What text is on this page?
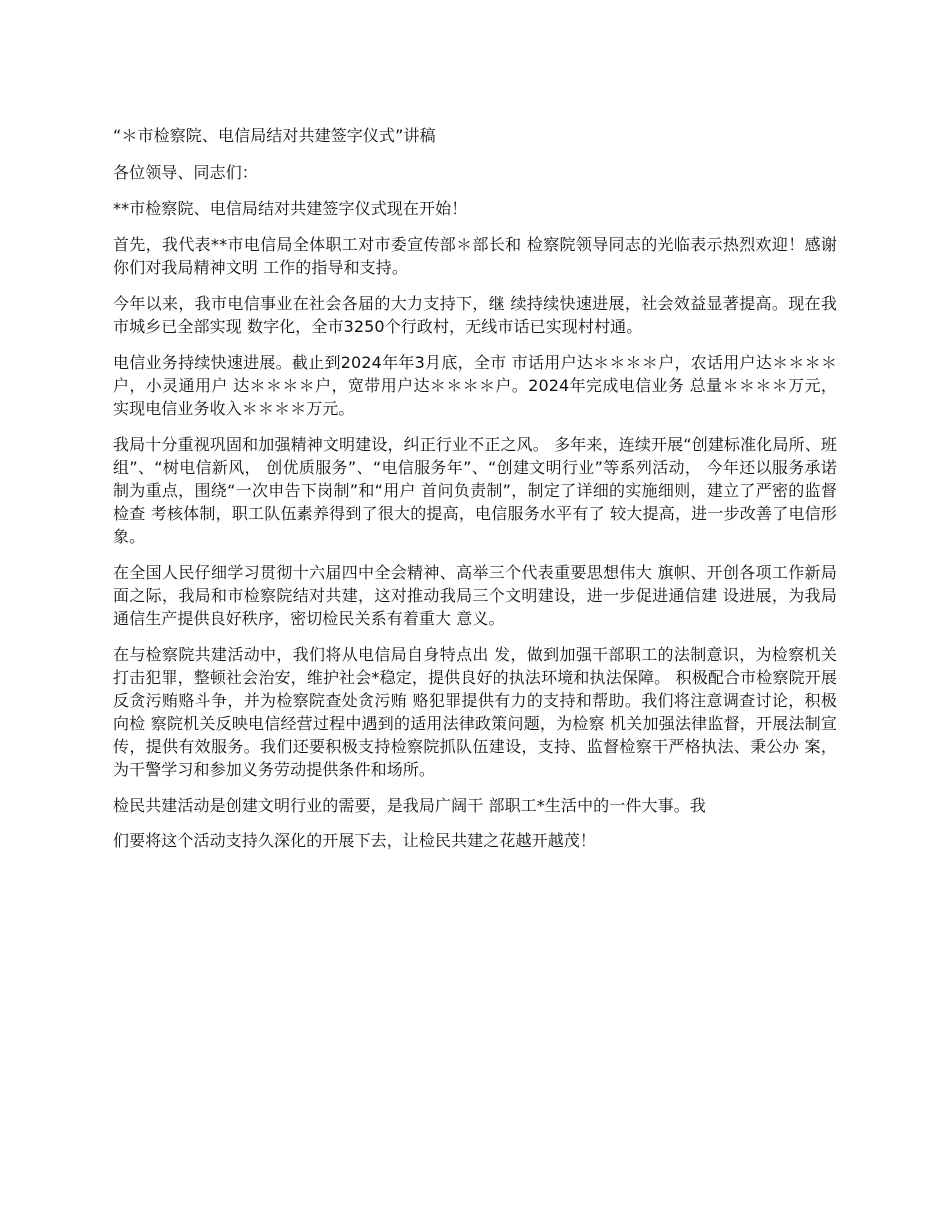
“＊市检察院、电信局结对共建签字仪式”讲稿

各位领导、同志们：

**市检察院、电信局结对共建签字仪式现在开始！

首先，我代表**市电信局全体职工对市委宣传部＊部长和 检察院领导同志的光临表示热烈欢迎！感谢你们对我局精神文明 工作的指导和支持。

今年以来，我市电信事业在社会各届的大力支持下，继 续持续快速进展，社会效益显著提高。现在我市城乡已全部实现 数字化，全市3250个行政村，无线市话已实现村村通。

电信业务持续快速进展。截止到2024年年3月底，全市 市话用户达＊＊＊＊户，农话用户达＊＊＊＊户，小灵通用户 达＊＊＊＊户，宽带用户达＊＊＊＊户。2024年完成电信业务 总量＊＊＊＊万元，实现电信业务收入＊＊＊＊万元。

我局十分重视巩固和加强精神文明建设，纠正行业不正之风。 多年来，连续开展“创建标准化局所、班组”、“树电信新风， 创优质服务”、“电信服务年”、“创建文明行业”等系列活动， 今年还以服务承诺制为重点，围绕“一次申告下岗制”和“用户 首问负责制”，制定了详细的实施细则，建立了严密的监督检查 考核体制，职工队伍素养得到了很大的提高，电信服务水平有了 较大提高，进一步改善了电信形象。

在全国人民仔细学习贯彻十六届四中全会精神、高举三个代表重要思想伟大 旗帜、开创各项工作新局面之际，我局和市检察院结对共建，这对推动我局三个文明建设，进一步促进通信建 设进展，为我局通信生产提供良好秩序，密切检民关系有着重大 意义。

在与检察院共建活动中，我们将从电信局自身特点出 发，做到加强干部职工的法制意识，为检察机关打击犯罪，整顿社会治安，维护社会*稳定，提供良好的执法环境和执法保障。 积极配合市检察院开展反贪污贿赂斗争，并为检察院查处贪污贿 赂犯罪提供有力的支持和帮助。我们将注意调查讨论，积极向检 察院机关反映电信经营过程中遇到的适用法律政策问题，为检察 机关加强法律监督，开展法制宣传，提供有效服务。我们还要积极支持检察院抓队伍建设，支持、监督检察干严格执法、秉公办 案，为干警学习和参加义务劳动提供条件和场所。

检民共建活动是创建文明行业的需要，是我局广阔干 部职工*生活中的一件大事。我

们要将这个活动支持久深化的开展下去，让检民共建之花越开越茂！
